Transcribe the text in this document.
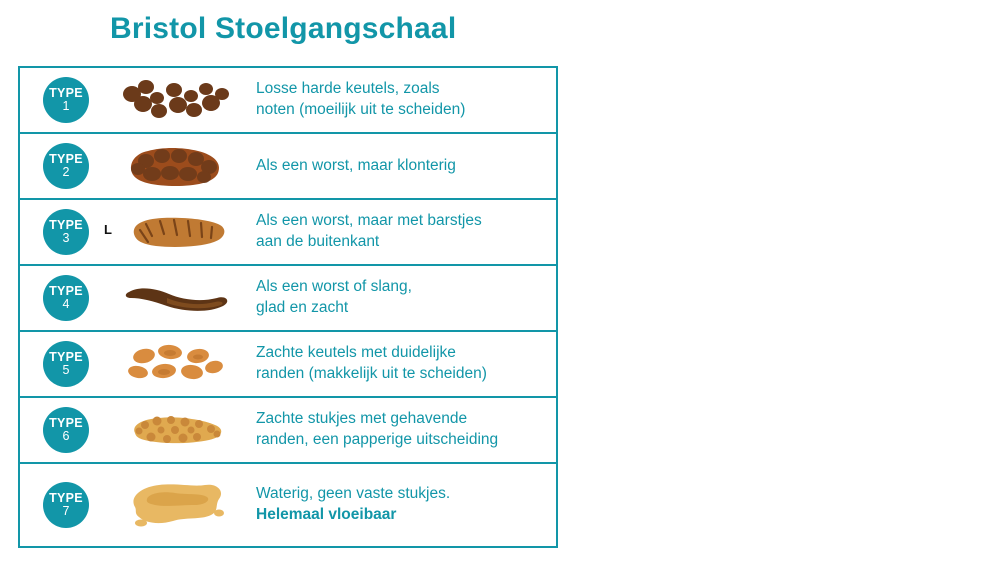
Bristol Stoelgangschaal
TYPE
1
Losse harde keutels, zoals
noten (moeilijk uit te scheiden)
TYPE
2	Als een worst, maar klonterig
TYPE
3
L
Als een worst, maar met barstjes
aan de buitenkant
TYPE
4
Als een worst of slang,
glad en zacht
TYPE
5
Zachte keutels met duidelijke
randen (makkelijk uit te scheiden)
TYPE
6
Zachte stukjes met gehavende
randen, een papperige uitscheiding
TYPE
7
Waterig, geen vaste stukjes.
Helemaal vloeibaar
